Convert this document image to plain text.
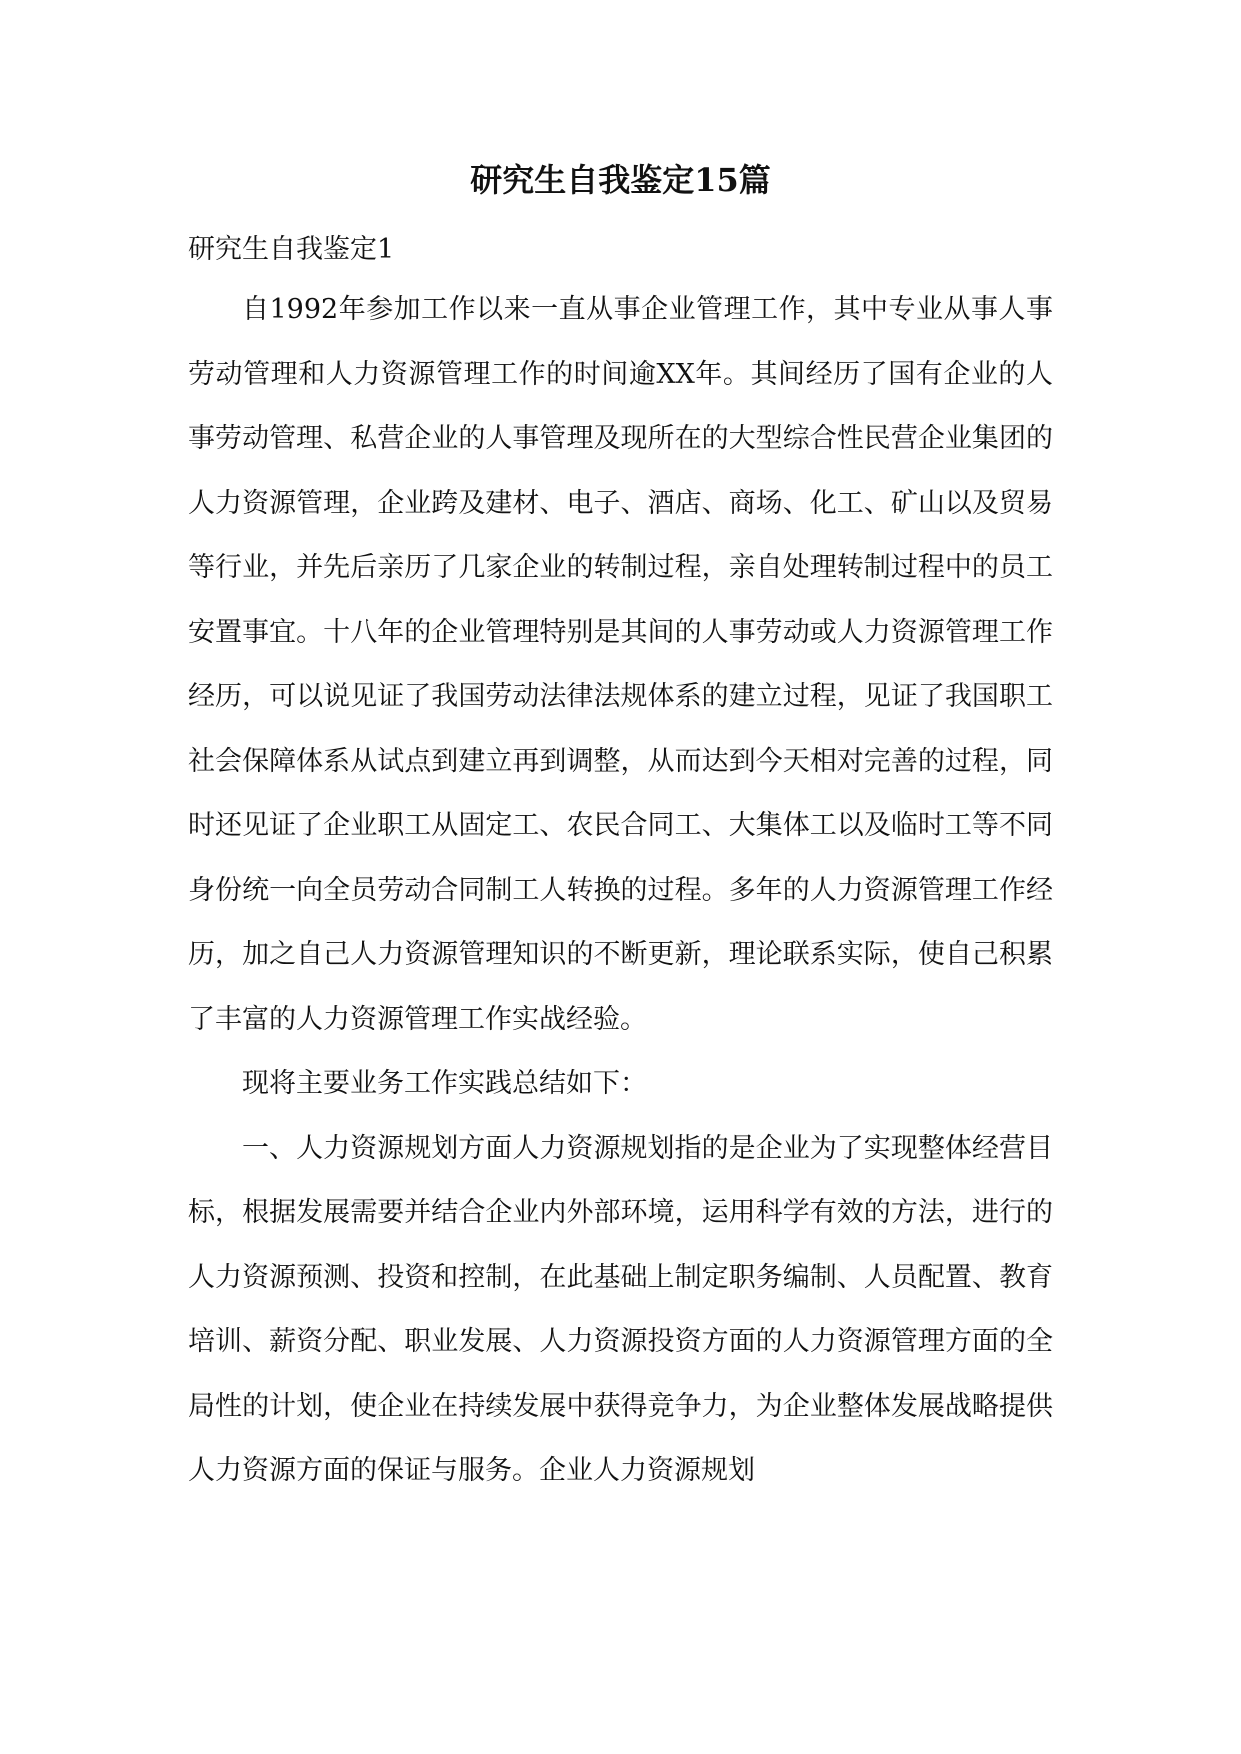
研究生自我鉴定15篇
研究生自我鉴定1

自1992年参加工作以来一直从事企业管理工作，其中专业从事人事劳动管理和人力资源管理工作的时间逾XX年。其间经历了国有企业的人事劳动管理、私营企业的人事管理及现所在的大型综合性民营企业集团的人力资源管理，企业跨及建材、电子、酒店、商场、化工、矿山以及贸易等行业，并先后亲历了几家企业的转制过程，亲自处理转制过程中的员工安置事宜。十八年的企业管理特别是其间的人事劳动或人力资源管理工作经历，可以说见证了我国劳动法律法规体系的建立过程，见证了我国职工社会保障体系从试点到建立再到调整，从而达到今天相对完善的过程，同时还见证了企业职工从固定工、农民合同工、大集体工以及临时工等不同身份统一向全员劳动合同制工人转换的过程。多年的人力资源管理工作经历，加之自己人力资源管理知识的不断更新，理论联系实际，使自己积累了丰富的人力资源管理工作实战经验。

现将主要业务工作实践总结如下：

一、人力资源规划方面人力资源规划指的是企业为了实现整体经营目标，根据发展需要并结合企业内外部环境，运用科学有效的方法，进行的人力资源预测、投资和控制，在此基础上制定职务编制、人员配置、教育培训、薪资分配、职业发展、人力资源投资方面的人力资源管理方面的全局性的计划，使企业在持续发展中获得竞争力，为企业整体发展战略提供人力资源方面的保证与服务。企业人力资源规划
